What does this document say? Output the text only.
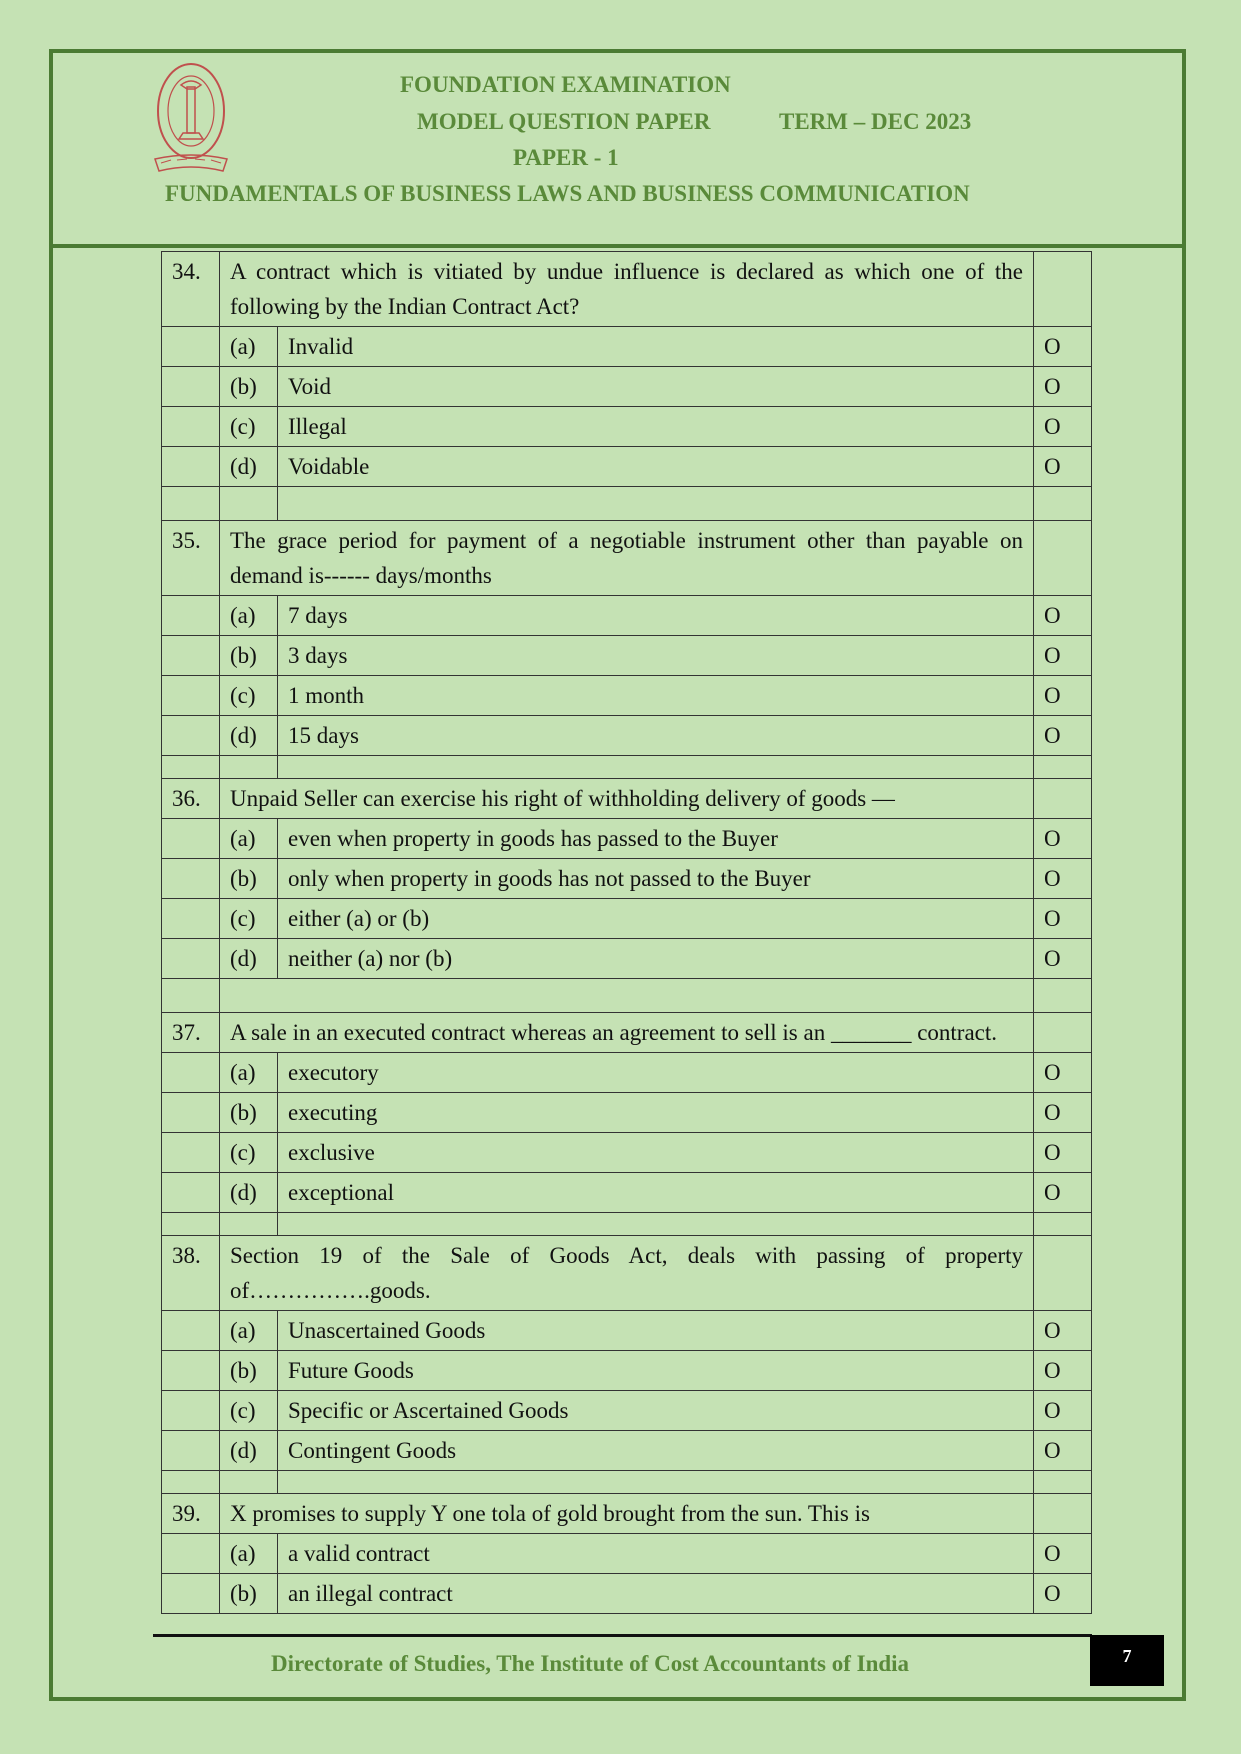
FOUNDATION EXAMINATION
MODEL QUESTION PAPER	TERM – DEC 2023
PAPER - 1
FUNDAMENTALS OF BUSINESS LAWS AND BUSINESS COMMUNICATION
34.	A contract which is vitiated by undue influence is declared as which one of the following by the Indian Contract Act?		
	(a)	Invalid	O
	(b)	Void	O
	(c)	Illegal	O
	(d)	Voidable	O

35.	The grace period for payment of a negotiable instrument other than payable on demand is------ days/months		
	(a)	7 days	O
	(b)	3 days	O
	(c)	1 month	O
	(d)	15 days	O

36.	Unpaid Seller can exercise his right of withholding delivery of goods —		
	(a)	even when property in goods has passed to the Buyer	O
	(b)	only when property in goods has not passed to the Buyer	O
	(c)	either (a) or (b)	O
	(d)	neither (a) nor (b)	O

37.	A sale in an executed contract whereas an agreement to sell is an _______ contract.		
	(a)	executory	O
	(b)	executing	O
	(c)	exclusive	O
	(d)	exceptional	O

38.	Section 19 of the Sale of Goods Act, deals with passing of property of…………….goods.		
	(a)	Unascertained Goods	O
	(b)	Future Goods	O
	(c)	Specific or Ascertained Goods	O
	(d)	Contingent Goods	O

39.	X promises to supply Y one tola of gold brought from the sun. This is		
	(a)	a valid contract	O
	(b)	an illegal contract	O
Directorate of Studies, The Institute of Cost Accountants of India	7
